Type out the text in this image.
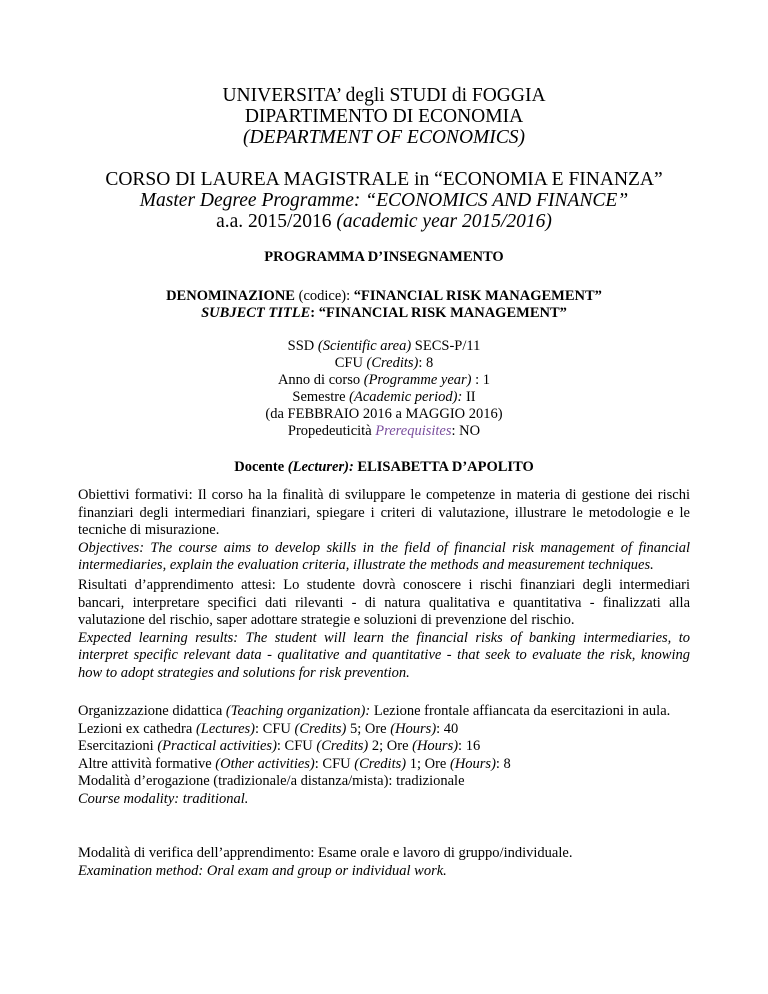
UNIVERSITA’ degli STUDI di FOGGIA
DIPARTIMENTO DI ECONOMIA
(DEPARTMENT OF ECONOMICS)
CORSO DI LAUREA MAGISTRALE in “ECONOMIA E FINANZA”
Master Degree Programme: “ECONOMICS AND FINANCE”
a.a. 2015/2016 (academic year 2015/2016)
PROGRAMMA D’INSEGNAMENTO
DENOMINAZIONE (codice): “FINANCIAL RISK MANAGEMENT”
SUBJECT TITLE: “FINANCIAL RISK MANAGEMENT”
SSD (Scientific area) SECS-P/11
CFU (Credits): 8
Anno di corso (Programme year) : 1
Semestre (Academic period): II
(da FEBBRAIO 2016 a MAGGIO 2016)
Propedeuticità Prerequisites: NO
Docente (Lecturer): ELISABETTA D’APOLITO

Obiettivi formativi: Il corso ha la finalità di sviluppare le competenze in materia di gestione dei rischi finanziari degli intermediari finanziari, spiegare i criteri di valutazione, illustrare le metodologie e le tecniche di misurazione.

Objectives: The course aims to develop skills in the field of financial risk management of financial intermediaries, explain the evaluation criteria, illustrate the methods and measurement techniques.

Risultati d’apprendimento attesi: Lo studente dovrà conoscere i rischi finanziari degli intermediari bancari, interpretare specifici dati rilevanti - di natura qualitativa e quantitativa - finalizzati alla valutazione del rischio, saper adottare strategie e soluzioni di prevenzione del rischio.

Expected learning results: The student will learn the financial risks of banking intermediaries, to interpret specific relevant data - qualitative and quantitative - that seek to evaluate the risk, knowing how to adopt strategies and solutions for risk prevention.

Organizzazione didattica (Teaching organization): Lezione frontale affiancata da esercitazioni in aula.

Lezioni ex cathedra (Lectures): CFU (Credits) 5; Ore (Hours): 40

Esercitazioni (Practical activities): CFU (Credits) 2; Ore (Hours): 16

Altre attività formative (Other activities): CFU (Credits) 1; Ore (Hours): 8

Modalità d’erogazione (tradizionale/a distanza/mista): tradizionale

Course modality: traditional.

Modalità di verifica dell’apprendimento: Esame orale e lavoro di gruppo/individuale.

Examination method: Oral exam and group or individual work.
